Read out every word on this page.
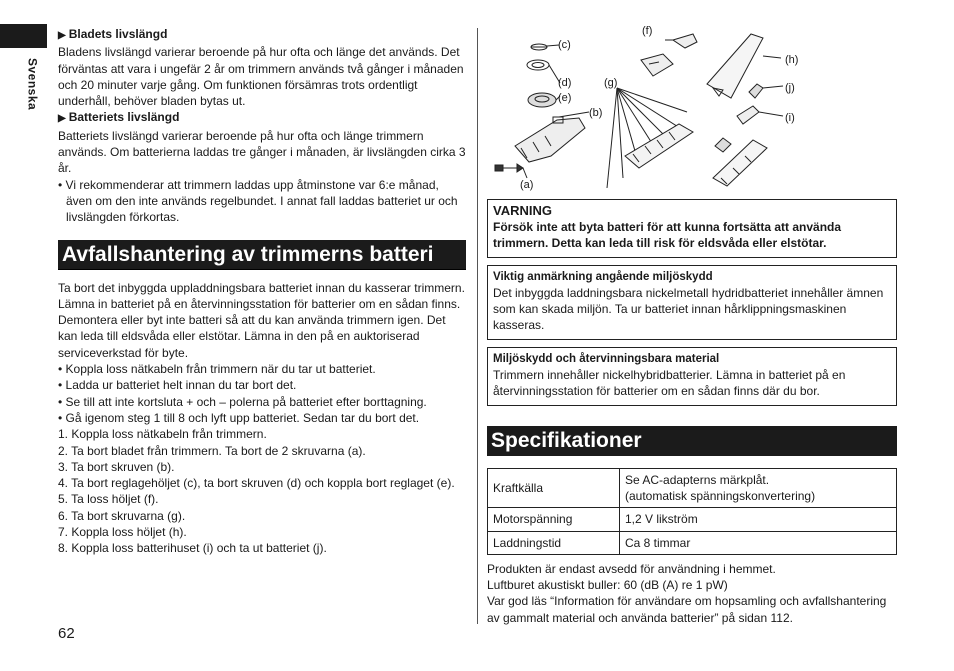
Svenska
▶ Bladets livslängd
Bladens livslängd varierar beroende på hur ofta och länge det används. Det förväntas att vara i ungefär 2 år om trimmern används två gånger i månaden och 20 minuter varje gång. Om funktionen försämras trots ordentligt underhåll, behöver bladen bytas ut.
▶ Batteriets livslängd
Batteriets livslängd varierar beroende på hur ofta och länge trimmern används. Om batterierna laddas tre gånger i månaden, är livslängden cirka 3 år.
• Vi rekommenderar att trimmern laddas upp åtminstone var 6:e månad, även om den inte används regelbundet. I annat fall laddas batteriet ur och livslängden förkortas.
Avfallshantering av trimmerns batteri
Ta bort det inbyggda uppladdningsbara batteriet innan du kasserar trimmern. Lämna in batteriet på en återvinningsstation för batterier om en sådan finns. Demontera eller byt inte batteri så att du kan använda trimmern igen. Det kan leda till eldsvåda eller elstötar. Lämna in den på en auktoriserad serviceverkstad för byte.
• Koppla loss nätkabeln från trimmern när du tar ut batteriet.
• Ladda ur batteriet helt innan du tar bort det.
• Se till att inte kortsluta + och – polerna på batteriet efter borttagning.
• Gå igenom steg 1 till 8 och lyft upp batteriet. Sedan tar du bort det.
1. Koppla loss nätkabeln från trimmern.
2. Ta bort bladet från trimmern. Ta bort de 2 skruvarna (a).
3. Ta bort skruven (b).
4. Ta bort reglagehöljet (c), ta bort skruven (d) och koppla bort reglaget (e).
5. Ta loss höljet (f).
6. Ta bort skruvarna (g).
7. Koppla loss höljet (h).
8. Koppla loss batterihuset (i) och ta ut batteriet (j).
(c)
(d)
(e)
(b)
(a)
(f)
(g)
(h)
(j)
(i)
VARNING
Försök inte att byta batteri för att kunna fortsätta att använda trimmern. Detta kan leda till risk för eldsvåda eller elstötar.
Viktig anmärkning angående miljöskydd
Det inbyggda laddningsbara nickelmetall hydridbatteriet innehåller ämnen som kan skada miljön. Ta ur batteriet innan hårklippningsmaskinen kasseras.
Miljöskydd och återvinningsbara material
Trimmern innehåller nickelhybridbatterier. Lämna in batteriet på en återvinningsstation för batterier om en sådan finns där du bor.
Specifikationer
Kraftkälla	Se AC-adapterns märkplåt.
(automatisk spänningskonvertering)

Motorspänning	1,2 V likström
Laddningstid	Ca 8 timmar
Produkten är endast avsedd för användning i hemmet.
Luftburet akustiskt buller: 60 (dB (A) re 1 pW)
Var god läs “Information för användare om hopsamling och avfallshantering av gammalt material och använda batterier” på sidan 112.
62
